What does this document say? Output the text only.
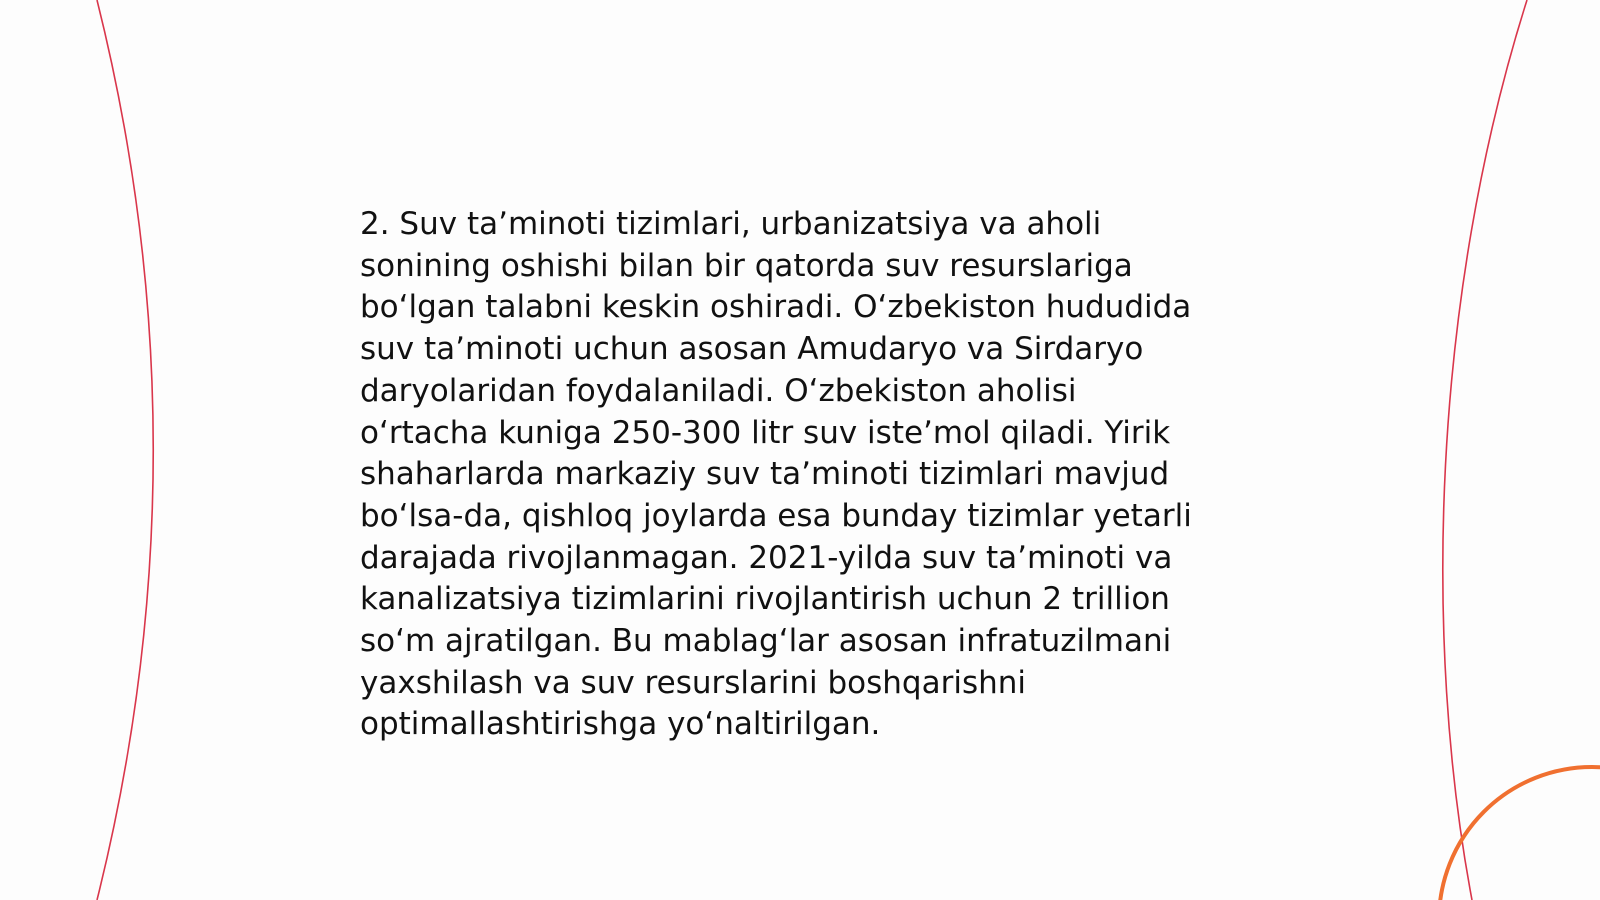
2. Suv ta’minoti tizimlari, urbanizatsiya va aholi
sonining oshishi bilan bir qatorda suv resurslariga
bo‘lgan talabni keskin oshiradi. O‘zbekiston hududida
suv ta’minoti uchun asosan Amudaryo va Sirdaryo
daryolaridan foydalaniladi. O‘zbekiston aholisi
o‘rtacha kuniga 250-300 litr suv iste’mol qiladi. Yirik
shaharlarda markaziy suv ta’minoti tizimlari mavjud
bo‘lsa-da, qishloq joylarda esa bunday tizimlar yetarli
darajada rivojlanmagan. 2021-yilda suv ta’minoti va
kanalizatsiya tizimlarini rivojlantirish uchun 2 trillion
so‘m ajratilgan. Bu mablag‘lar asosan infratuzilmani
yaxshilash va suv resurslarini boshqarishni
optimallashtirishga yo‘naltirilgan.
